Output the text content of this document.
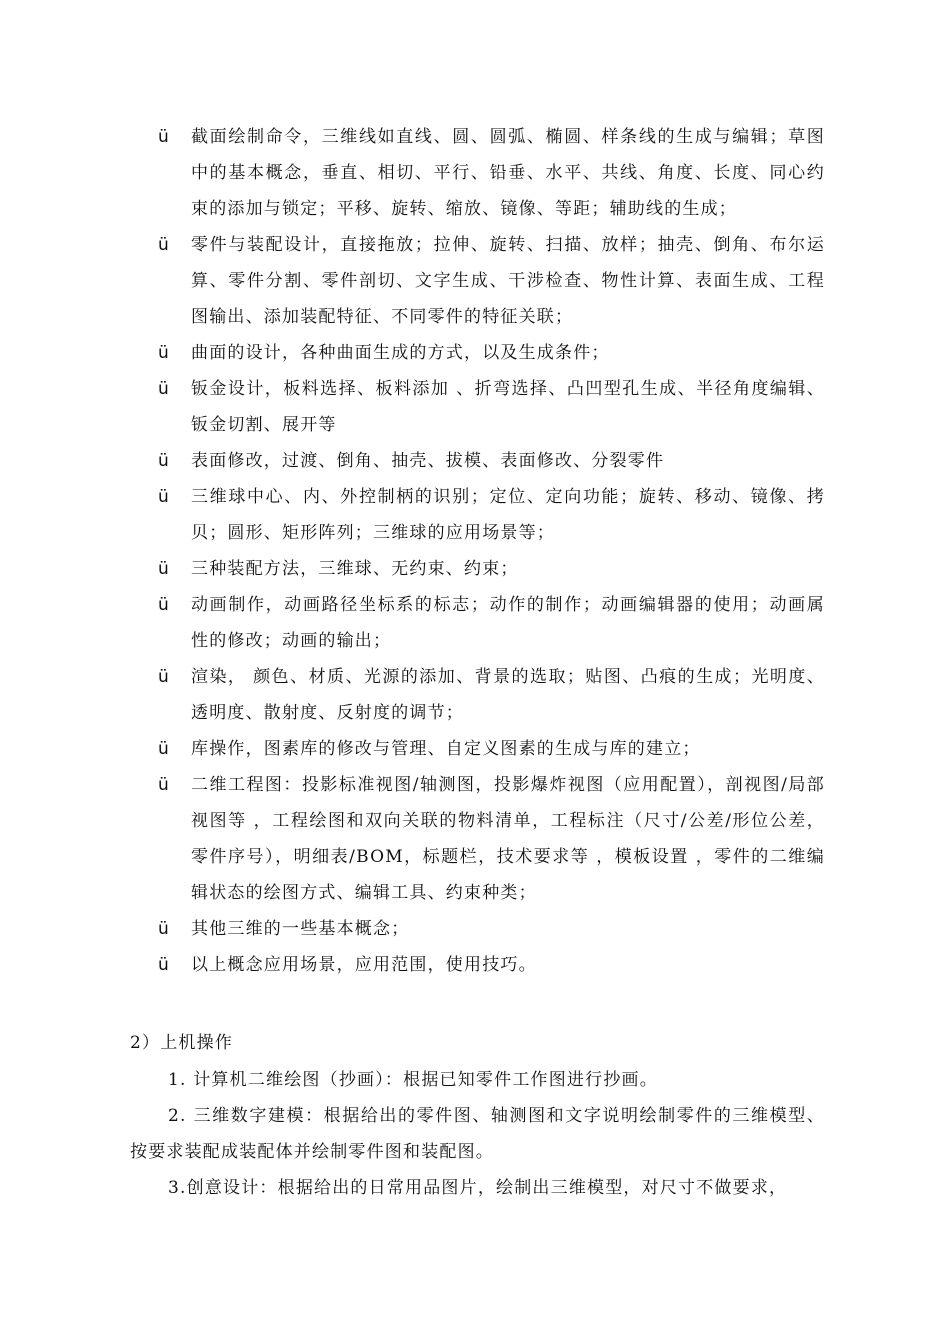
ü 截面绘制命令，三维线如直线、圆、圆弧、椭圆、样条线的生成与编辑；草图中的基本概念，垂直、相切、平行、铅垂、水平、共线、角度、长度、同心约束的添加与锁定；平移、旋转、缩放、镜像、等距；辅助线的生成；
ü 零件与装配设计，直接拖放；拉伸、旋转、扫描、放样；抽壳、倒角、布尔运算、零件分割、零件剖切、文字生成、干涉检查、物性计算、表面生成、工程图输出、添加装配特征、不同零件的特征关联；
ü 曲面的设计，各种曲面生成的方式，以及生成条件；
ü 钣金设计，板料选择、板料添加 、折弯选择、凸凹型孔生成、半径角度编辑、钣金切割、展开等
ü 表面修改，过渡、倒角、抽壳、拔模、表面修改、分裂零件
ü 三维球中心、内、外控制柄的识别；定位、定向功能；旋转、移动、镜像、拷贝；圆形、矩形阵列；三维球的应用场景等；
ü 三种装配方法，三维球、无约束、约束；
ü 动画制作，动画路径坐标系的标志；动作的制作；动画编辑器的使用；动画属性的修改；动画的输出；
ü 渲染， 颜色、材质、光源的添加、背景的选取；贴图、凸痕的生成；光明度、透明度、散射度、反射度的调节；
ü 库操作，图素库的修改与管理、自定义图素的生成与库的建立；
ü 二维工程图：投影标准视图/轴测图，投影爆炸视图（应用配置），剖视图/局部视图等 ，工程绘图和双向关联的物料清单，工程标注（尺寸/公差/形位公差，零件序号），明细表/BOM，标题栏，技术要求等 ，模板设置 ，零件的二维编辑状态的绘图方式、编辑工具、约束种类；
ü 其他三维的一些基本概念；
ü 以上概念应用场景，应用范围，使用技巧。
2）上机操作
1. 计算机二维绘图（抄画）：根据已知零件工作图进行抄画。
2. 三维数字建模：根据给出的零件图、轴测图和文字说明绘制零件的三维模型、按要求装配成装配体并绘制零件图和装配图。
3.创意设计：根据给出的日常用品图片，绘制出三维模型，对尺寸不做要求，
